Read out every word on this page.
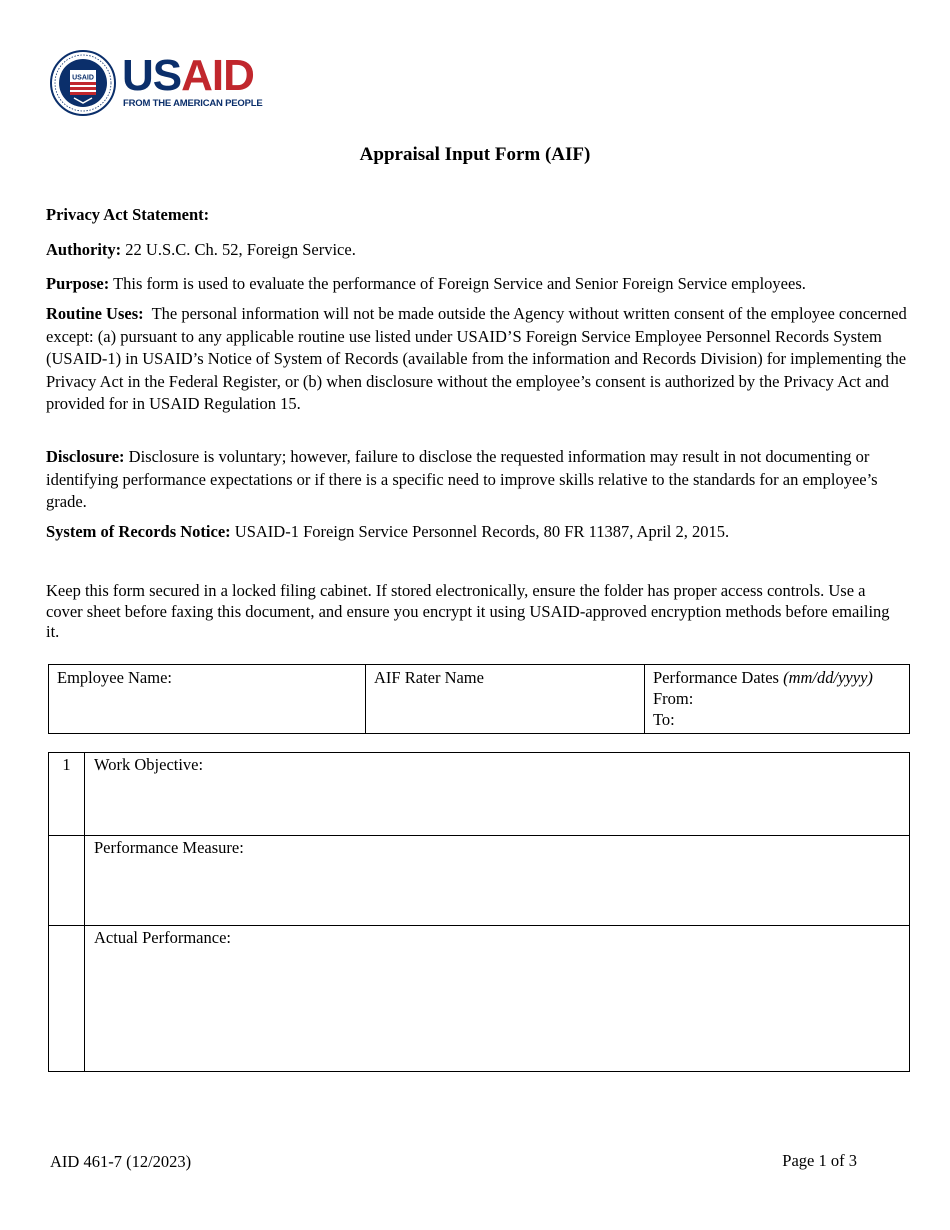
USAID USAID
FROM THE AMERICAN PEOPLE
Appraisal Input Form (AIF)
Privacy Act Statement:
Authority: 22 U.S.C. Ch. 52, Foreign Service.
Purpose: This form is used to evaluate the performance of Foreign Service and Senior Foreign Service employees.
Routine Uses:  The personal information will not be made outside the Agency without written consent of the employee concerned except: (a) pursuant to any applicable routine use listed under USAID’S Foreign Service Employee Personnel Records System (USAID-1) in USAID’s Notice of System of Records (available from the information and Records Division) for implementing the Privacy Act in the Federal Register, or (b) when disclosure without the employee’s consent is authorized by the Privacy Act and provided for in USAID Regulation 15.
Disclosure: Disclosure is voluntary; however, failure to disclose the requested information may result in not documenting or identifying performance expectations or if there is a specific need to improve skills relative to the standards for an employee’s grade.
System of Records Notice: USAID-1 Foreign Service Personnel Records, 80 FR 11387, April 2, 2015.
Keep this form secured in a locked filing cabinet. If stored electronically, ensure the folder has proper access controls. Use a cover sheet before faxing this document, and ensure you encrypt it using USAID-approved encryption methods before emailing it.
Employee Name:	AIF Rater Name	Performance Dates (mm/dd/yyyy)
From:
To:
1	Work Objective:
Performance Measure:
Actual Performance:
AID 461-7 (12/2023)	Page 1 of 3
